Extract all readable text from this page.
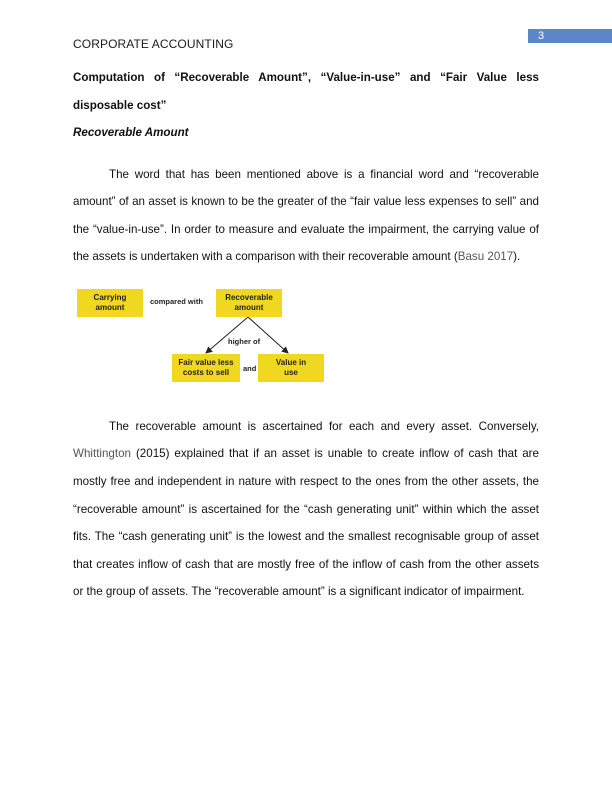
3
CORPORATE ACCOUNTING

Computation of “Recoverable Amount”, “Value-in-use” and “Fair Value less disposable cost”

Recoverable Amount

The word that has been mentioned above is a financial word and “recoverable amount” of an asset is known to be the greater of the “fair value less expenses to sell” and the “value-in-use”. In order to measure and evaluate the impairment, the carrying value of the assets is undertaken with a comparison with their recoverable amount (Basu 2017).

Carrying amount
compared with	Recoverable amount
higher of
Fair value less costs to sell	and
Value in use

The recoverable amount is ascertained for each and every asset. Conversely, Whittington (2015) explained that if an asset is unable to create inflow of cash that are mostly free and independent in nature with respect to the ones from the other assets, the “recoverable amount” is ascertained for the “cash generating unit” within which the asset fits. The “cash generating unit” is the lowest and the smallest recognisable group of asset that creates inflow of cash that are mostly free of the inflow of cash from the other assets or the group of assets. The “recoverable amount” is a significant indicator of impairment.
